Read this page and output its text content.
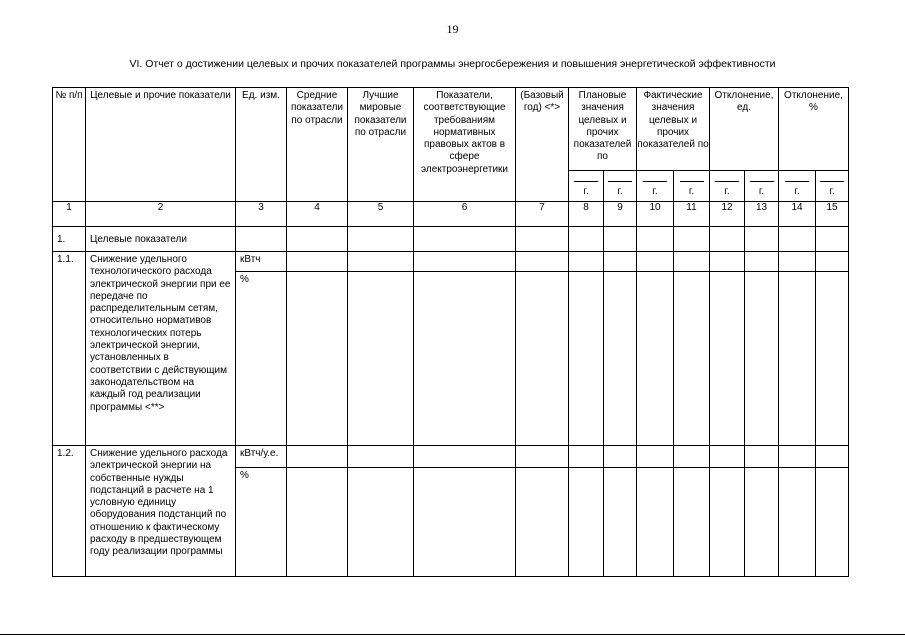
19
VI. Отчет о достижении целевых и прочих показателей программы энергосбережения и повышения энергетической эффективности
№ п/п	Целевые и прочие показатели	Ед. изм.	Средние показатели по отрасли	Лучшие мировые показатели по отрасли	Показатели, соответствующие требованиям нормативных правовых актов в сфере электроэнергетики	(Базовый год) <*>	Плановые значения целевых и прочих показателей по		Фактические значения целевых и прочих показателей по		Отклонение, ед.		Отклонение, %	

г.	г.	г.	г.	г.	г.	г.	г.
1	2	3	4	5	6	7	8	9	10	11	12	13	14	15
1.	Целевые показатели													
1.1.	Снижение удельного технологического расхода электрической энергии при ее передаче по распределительным сетям, относительно нормативов технологических потерь электрической энергии, установленных в соответствии с действующим законодательством на каждый год реализации программы <**>	кВтч												
		%												
1.2.	Снижение удельного расхода электрической энергии на собственные нужды подстанций в расчете на 1 условную единицу оборудования подстанций по отношению к фактическому расходу в предшествующем году реализации программы	кВтч/у.е.												
		%												
